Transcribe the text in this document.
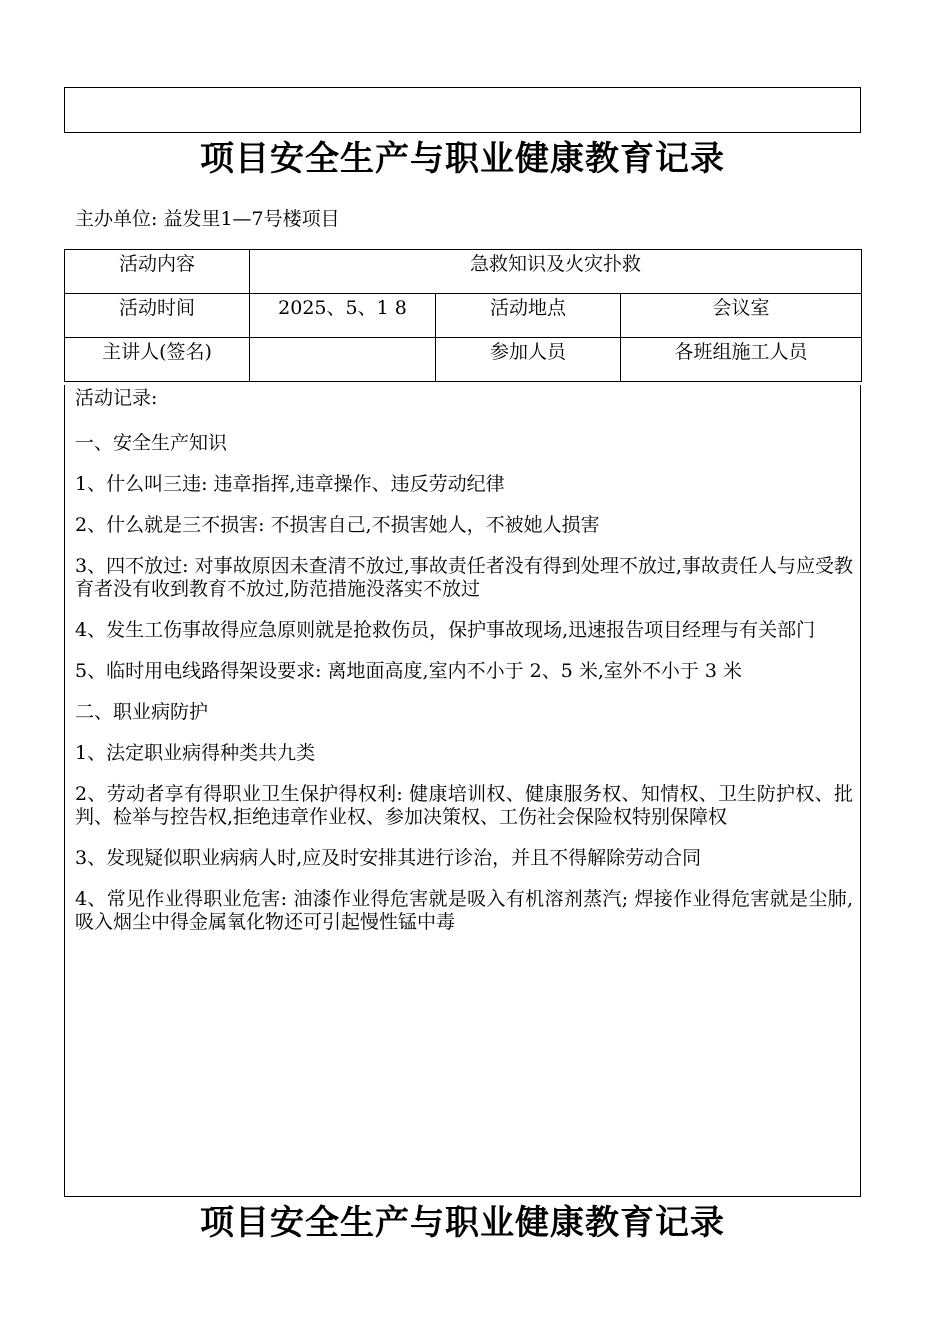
项目安全生产与职业健康教育记录
主办单位: 益发里1—7号楼项目
活动内容	急救知识及火灾扑救		
活动时间	2025、5、1 8	活动地点	会议室
主讲人(签名)		参加人员	各班组施工人员

活动记录:

一、安全生产知识

1、什么叫三违: 违章指挥,违章操作、违反劳动纪律

2、什么就是三不损害: 不损害自己,不损害她人，不被她人损害

3、四不放过: 对事故原因未查清不放过,事故责任者没有得到处理不放过,事故责任人与应受教育者没有收到教育不放过,防范措施没落实不放过

4、发生工伤事故得应急原则就是抢救伤员，保护事故现场,迅速报告项目经理与有关部门

5、临时用电线路得架设要求: 离地面高度,室内不小于 2、5 米,室外不小于 3 米

二、职业病防护

1、法定职业病得种类共九类

2、劳动者享有得职业卫生保护得权利: 健康培训权、健康服务权、知情权、卫生防护权、批判、检举与控告权,拒绝违章作业权、参加决策权、工伤社会保险权特别保障权

3、发现疑似职业病病人时,应及时安排其进行诊治，并且不得解除劳动合同

4、常见作业得职业危害: 油漆作业得危害就是吸入有机溶剂蒸汽; 焊接作业得危害就是尘肺,吸入烟尘中得金属氧化物还可引起慢性锰中毒

项目安全生产与职业健康教育记录
